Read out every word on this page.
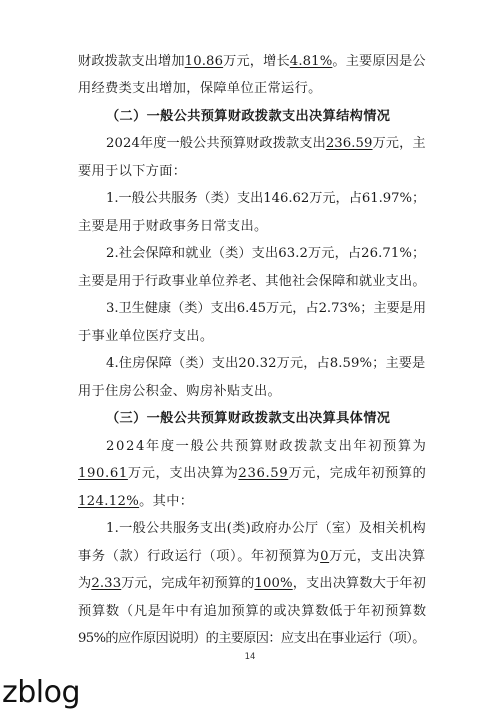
财政拨款支出增加10.86万元，增长4.81%。主要原因是公
用经费类支出增加，保障单位正常运行。
（二）一般公共预算财政拨款支出决算结构情况
2024年度一般公共预算财政拨款支出236.59万元，主
要用于以下方面：
1.一般公共服务（类）支出146.62万元，占61.97%；
主要是用于财政事务日常支出。
2.社会保障和就业（类）支出63.2万元，占26.71%；
主要是用于行政事业单位养老、其他社会保障和就业支出。
3.卫生健康（类）支出6.45万元，占2.73%；主要是用
于事业单位医疗支出。
4.住房保障（类）支出20.32万元，占8.59%；主要是
用于住房公积金、购房补贴支出。
（三）一般公共预算财政拨款支出决算具体情况
2024年度一般公共预算财政拨款支出年初预算为
190.61万元，支出决算为236.59万元，完成年初预算的
124.12%。其中：
1.一般公共服务支出(类)政府办公厅（室）及相关机构
事务（款）行政运行（项）。年初预算为0万元，支出决算
为2.33万元，完成年初预算的100%，支出决算数大于年初
预算数（凡是年中有追加预算的或决算数低于年初预算数
95%的应作原因说明）的主要原因：应支出在事业运行（项）。
14
zblog
